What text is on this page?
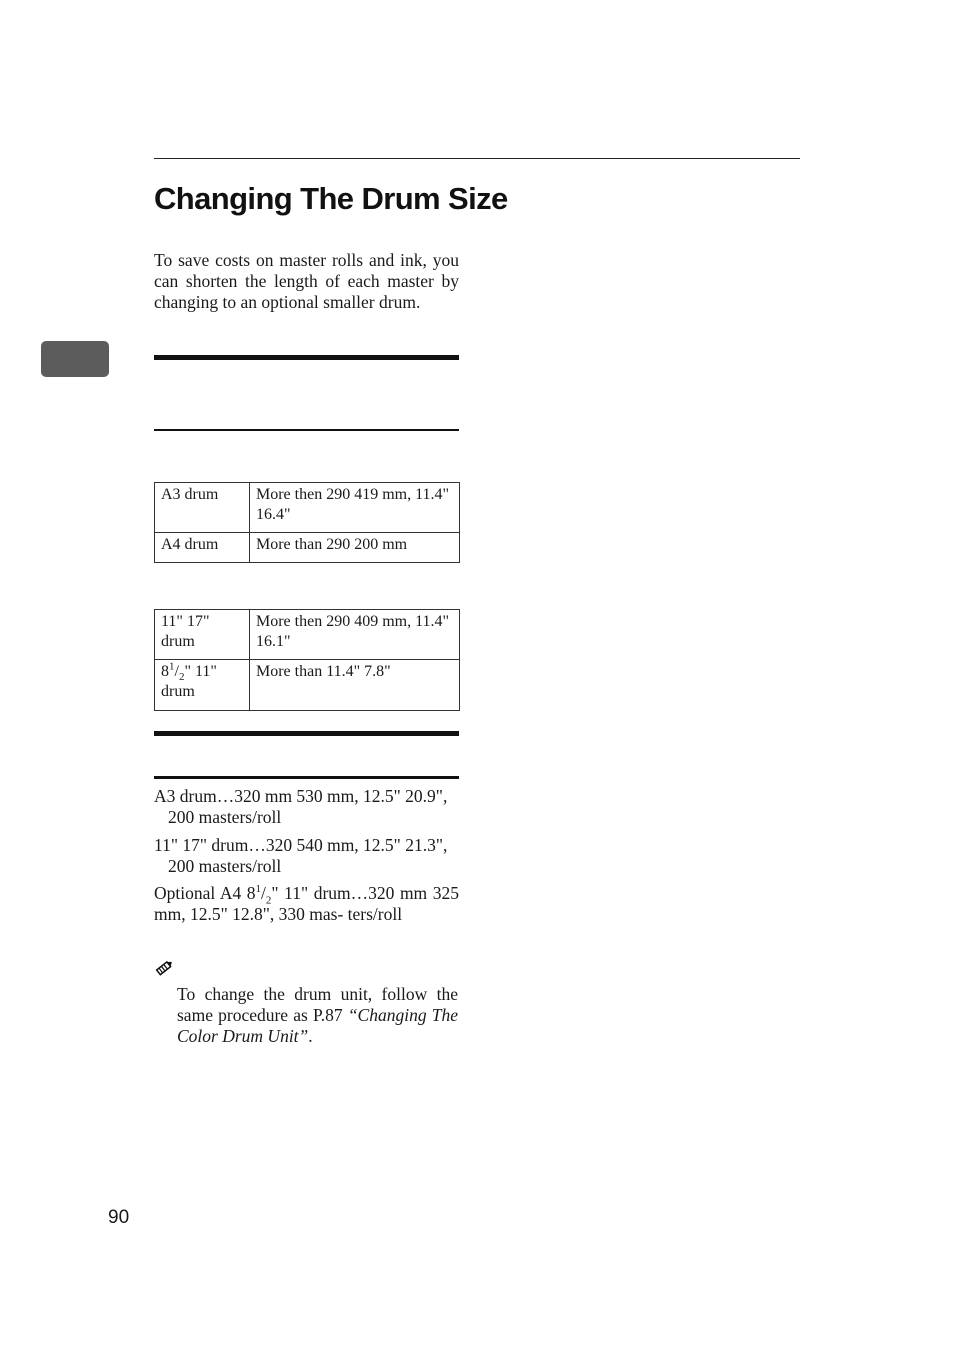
Changing The Drum Size

To save costs on master rolls and ink, you can shorten the length of each master by changing to an optional smaller drum.

A3 drum	More then 290 419 mm, 11.4" 16.4"
A4 drum	More than 290 200 mm
11" 17" drum	More then 290 409 mm, 11.4" 16.1"
$8^1/_2$" 11" drum	More than 11.4" 7.8"

A3 drum…320 mm 530 mm, 12.5" 20.9", 200 masters/roll

11" 17" drum…320 540 mm, 12.5" 21.3", 200 masters/roll

Optional A4 $8^1/_2$" 11" drum…320 mm 325 mm, 12.5" 12.8", 330 mas- ters/roll

To change the drum unit, follow the same procedure as P.87 “Changing The Color Drum Unit”.

90
